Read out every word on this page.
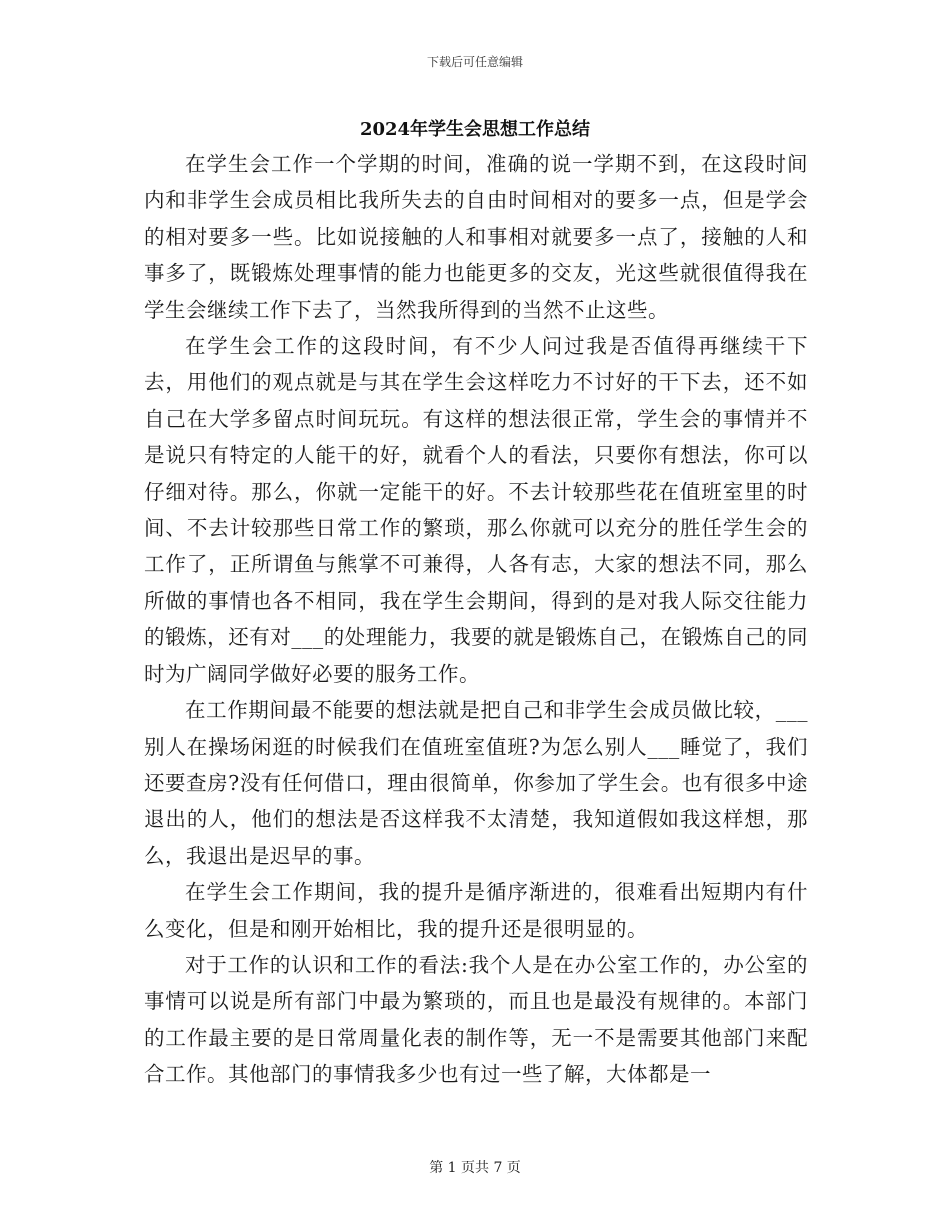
下载后可任意编辑
2024年学生会思想工作总结

在学生会工作一个学期的时间，准确的说一学期不到，在这段时间内和非学生会成员相比我所失去的自由时间相对的要多一点，但是学会的相对要多一些。比如说接触的人和事相对就要多一点了，接触的人和事多了，既锻炼处理事情的能力也能更多的交友，光这些就很值得我在学生会继续工作下去了，当然我所得到的当然不止这些。

在学生会工作的这段时间，有不少人问过我是否值得再继续干下去，用他们的观点就是与其在学生会这样吃力不讨好的干下去，还不如自己在大学多留点时间玩玩。有这样的想法很正常，学生会的事情并不是说只有特定的人能干的好，就看个人的看法，只要你有想法，你可以仔细对待。那么，你就一定能干的好。不去计较那些花在值班室里的时间、不去计较那些日常工作的繁琐，那么你就可以充分的胜任学生会的工作了，正所谓鱼与熊掌不可兼得，人各有志，大家的想法不同，那么所做的事情也各不相同，我在学生会期间，得到的是对我人际交往能力的锻炼，还有对___的处理能力，我要的就是锻炼自己，在锻炼自己的同时为广阔同学做好必要的服务工作。

在工作期间最不能要的想法就是把自己和非学生会成员做比较，___别人在操场闲逛的时候我们在值班室值班?为怎么别人___睡觉了，我们还要查房?没有任何借口，理由很简单，你参加了学生会。也有很多中途退出的人，他们的想法是否这样我不太清楚，我知道假如我这样想，那么，我退出是迟早的事。

在学生会工作期间，我的提升是循序渐进的，很难看出短期内有什么变化，但是和刚开始相比，我的提升还是很明显的。

对于工作的认识和工作的看法:我个人是在办公室工作的，办公室的事情可以说是所有部门中最为繁琐的，而且也是最没有规律的。本部门的工作最主要的是日常周量化表的制作等，无一不是需要其他部门来配合工作。其他部门的事情我多少也有过一些了解，大体都是一

第 1 页共 7 页
